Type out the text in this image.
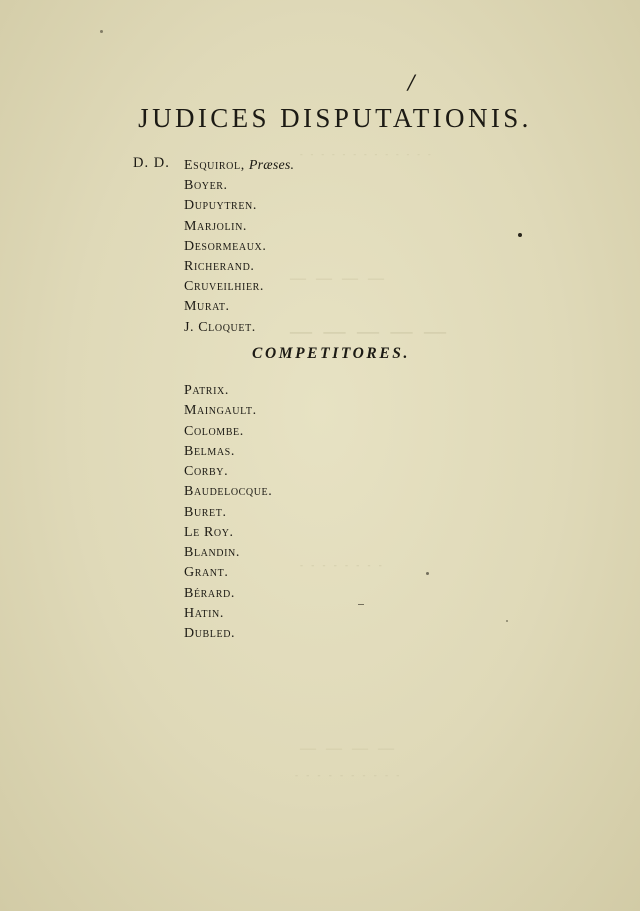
- - - - - - - - - - - - -
— — — —
— — — — —
- - - - - - - -
— — — —
- - - - - - - - - -
/
JUDICES DISPUTATIONIS.
D. D. Esquirol, Præses.
Boyer.
Dupuytren.
Marjolin.
Desormeaux.
Richerand.
Cruveilhier.
Murat.
J. Cloquet.
COMPETITORES.
Patrix.
Maingault.
Colombe.
Belmas.
Corby.
Baudelocque.
Buret.
Le Roy.
Blandin.
Grant.
Bérard.
Hatin.
Dubled.
